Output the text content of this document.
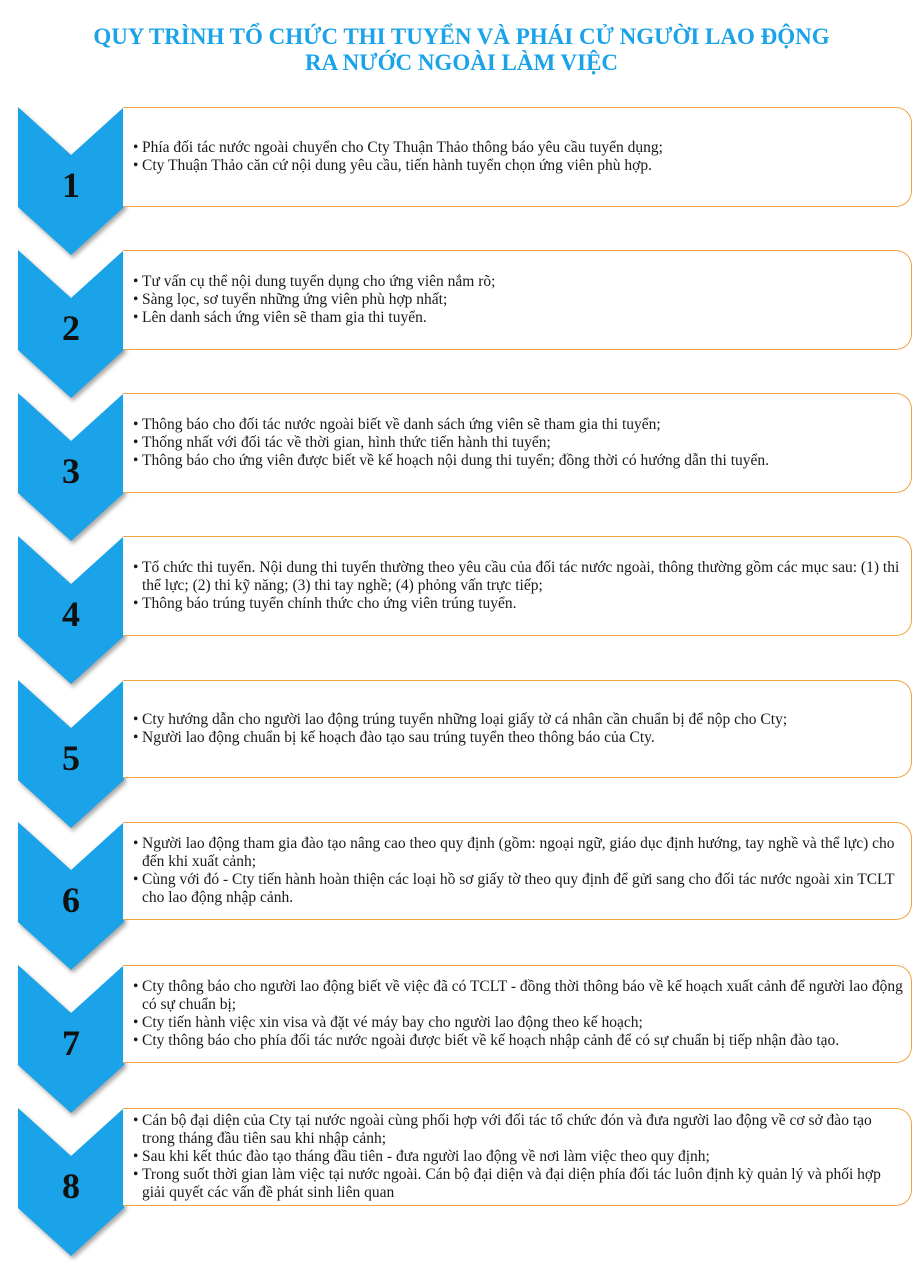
QUY TRÌNH TỔ CHỨC THI TUYỂN VÀ PHÁI CỬ NGƯỜI LAO ĐỘNG
RA NƯỚC NGOÀI LÀM VIỆC
1
• Phía đối tác nước ngoài chuyển cho Cty Thuận Thảo thông báo yêu cầu tuyển dụng;
• Cty Thuận Thảo căn cứ nội dung yêu cầu, tiến hành tuyển chọn ứng viên phù hợp.
2
• Tư vấn cụ thể nội dung tuyển dụng cho ứng viên nắm rõ;
• Sàng lọc, sơ tuyển những ứng viên phù hợp nhất;
• Lên danh sách ứng viên sẽ tham gia thi tuyển.
3
• Thông báo cho đối tác nước ngoài biết về danh sách ứng viên sẽ tham gia thi tuyển;
• Thống nhất với đối tác về thời gian, hình thức tiến hành thi tuyển;
• Thông báo cho ứng viên được biết về kế hoạch nội dung thi tuyển; đồng thời có hướng dẫn thi tuyển.
4
• Tổ chức thi tuyển. Nội dung thi tuyển thường theo yêu cầu của đối tác nước ngoài, thông thường gồm các mục sau: (1) thi thể lực; (2) thi kỹ năng; (3) thi tay nghề; (4) phỏng vấn trực tiếp;
• Thông báo trúng tuyển chính thức cho ứng viên trúng tuyển.
5
• Cty hướng dẫn cho người lao động trúng tuyển những loại giấy tờ cá nhân cần chuẩn bị để nộp cho Cty;
• Người lao động chuẩn bị kế hoạch đào tạo sau trúng tuyển theo thông báo của Cty.
6
• Người lao động tham gia đào tạo nâng cao theo quy định (gồm: ngoại ngữ, giáo dục định hướng, tay nghề và thể lực) cho đến khi xuất cảnh;
• Cùng với đó - Cty tiến hành hoàn thiện các loại hồ sơ giấy tờ theo quy định để gửi sang cho đối tác nước ngoài xin TCLT cho lao động nhập cảnh.
7
• Cty thông báo cho người lao động biết về việc đã có TCLT - đồng thời thông báo về kế hoạch xuất cảnh để người lao động có sự chuẩn bị;
• Cty tiến hành việc xin visa và đặt vé máy bay cho người lao động theo kế hoạch;
• Cty thông báo cho phía đối tác nước ngoài được biết về kế hoạch nhập cảnh để có sự chuẩn bị tiếp nhận đào tạo.
8
• Cán bộ đại diện của Cty tại nước ngoài cùng phối hợp với đối tác tổ chức đón và đưa người lao động về cơ sở đào tạo trong tháng đầu tiên sau khi nhập cảnh;
• Sau khi kết thúc đào tạo tháng đầu tiên - đưa người lao động về nơi làm việc theo quy định;
• Trong suốt thời gian làm việc tại nước ngoài. Cán bộ đại diện và đại diện phía đối tác luôn định kỳ quản lý và phối hợp giải quyết các vấn đề phát sinh liên quan
